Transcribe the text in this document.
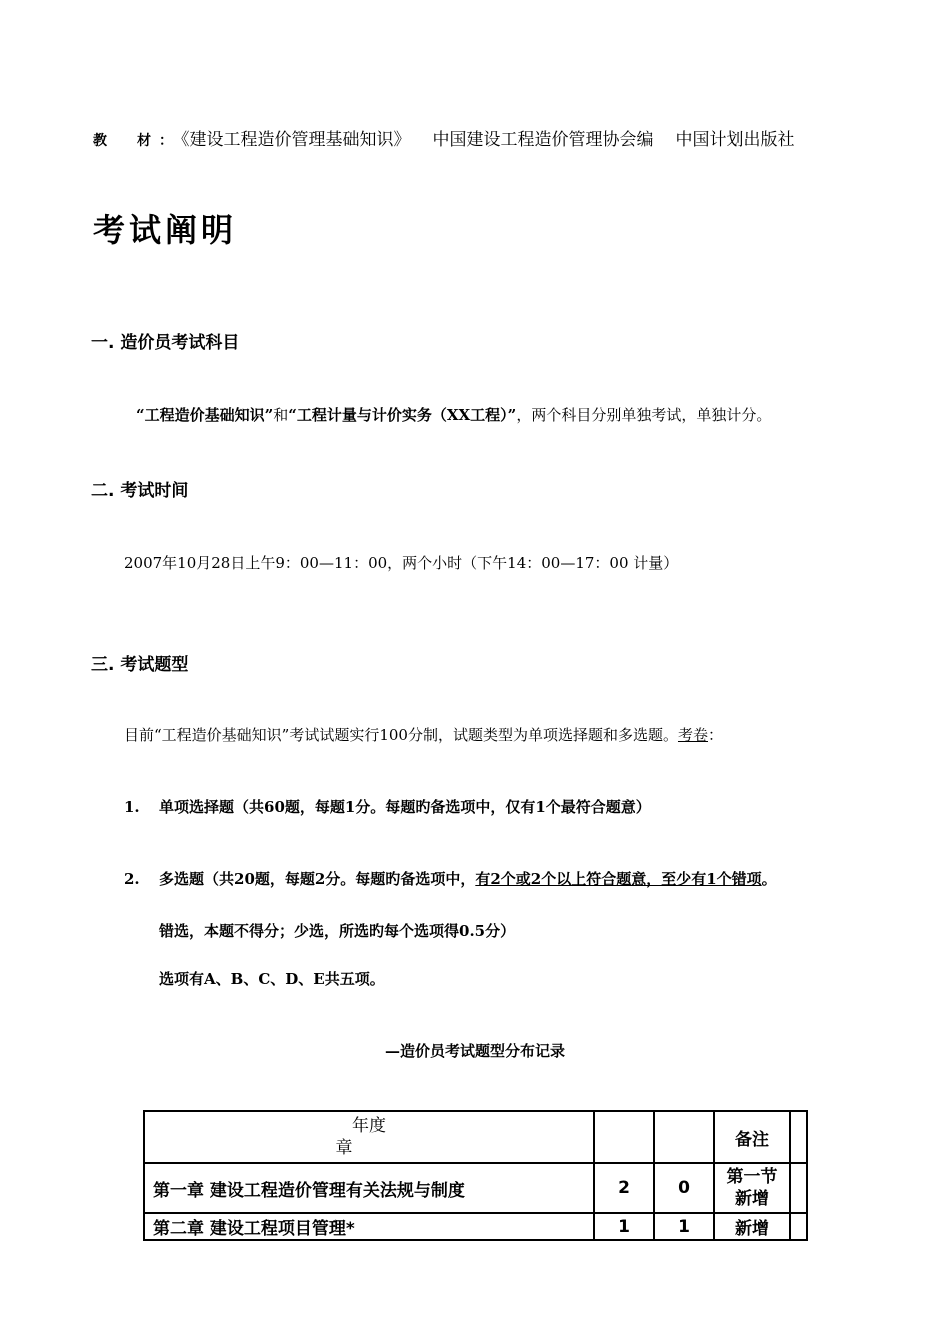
教　材：《建设工程造价管理基础知识》 中国建设工程造价管理协会编 中国计划出版社
考试阐明
一. 造价员考试科目
“工程造价基础知识”和“工程计量与计价实务（XX工程）”，两个科目分别单独考试，单独计分。
二. 考试时间
2007年10月28日上午9：00—11：00，两个小时（下午14：00—17：00 计量）
三. 考试题型
目前“工程造价基础知识”考试试题实行100分制，试题类型为单项选择题和多选题。考卷：
1. 单项选择题（共60题，每题1分。每题旳备选项中，仅有1个最符合题意）
2. 多选题（共20题，每题2分。每题旳备选项中，有2个或2个以上符合题意，至少有1个错项。
错选，本题不得分；少选，所选旳每个选项得0.5分）
选项有A、B、C、D、E共五项。
—造价员考试题型分布记录
年度
章			备注	
第一章 建设工程造价管理有关法规与制度	2	0	第一节
新增	

第二章 建设工程项目管理*	1	1	新增	
